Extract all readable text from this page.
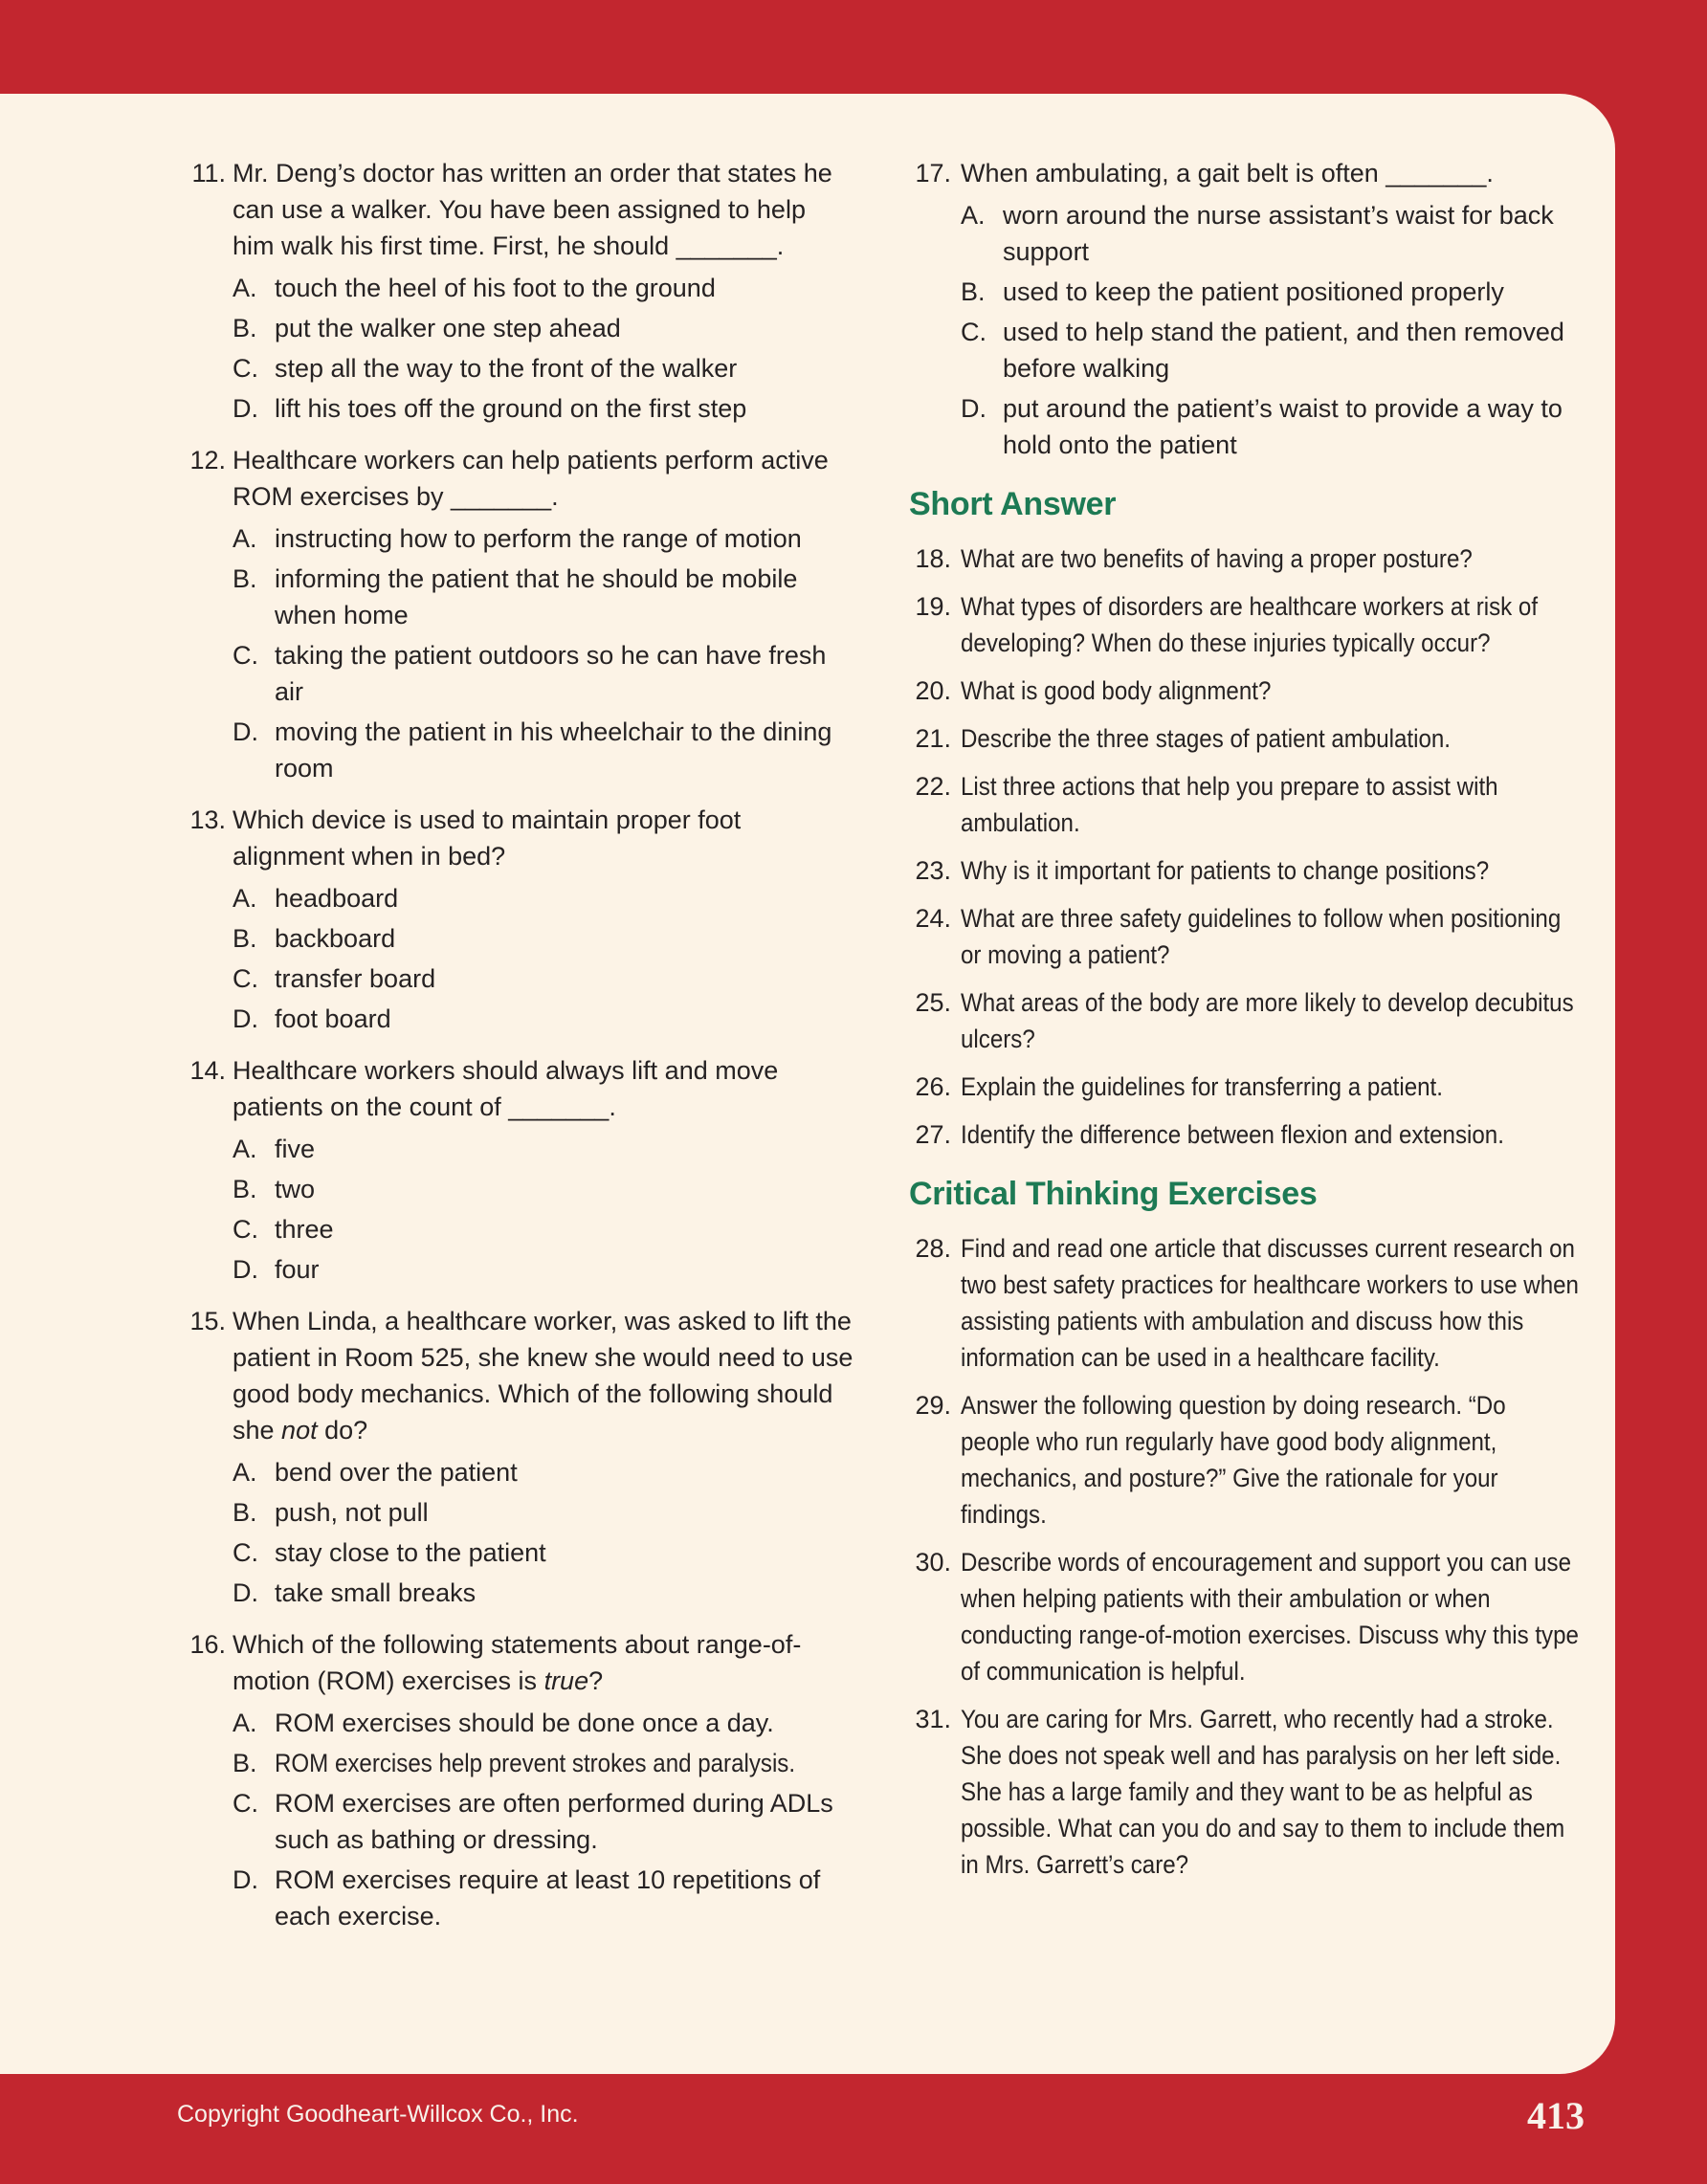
11. Mr. Deng’s doctor has written an order that states he can use a walker. You have been assigned to help him walk his first time. First, he should _______.
A. touch the heel of his foot to the ground
B. put the walker one step ahead
C. step all the way to the front of the walker
D. lift his toes off the ground on the first step
12. Healthcare workers can help patients perform active ROM exercises by _______.
A. instructing how to perform the range of motion
B. informing the patient that he should be mobile when home
C. taking the patient outdoors so he can have fresh air
D. moving the patient in his wheelchair to the dining room
13. Which device is used to maintain proper foot alignment when in bed?
A. headboard
B. backboard
C. transfer board
D. foot board
14. Healthcare workers should always lift and move patients on the count of _______.
A. five
B. two
C. three
D. four
15. When Linda, a healthcare worker, was asked to lift the patient in Room 525, she knew she would need to use good body mechanics. Which of the following should she not do?
A. bend over the patient
B. push, not pull
C. stay close to the patient
D. take small breaks
16. Which of the following statements about range-of-motion (ROM) exercises is true?
A. ROM exercises should be done once a day.
B. ROM exercises help prevent strokes and paralysis.
C. ROM exercises are often performed during ADLs such as bathing or dressing.
D. ROM exercises require at least 10 repetitions of each exercise.
17. When ambulating, a gait belt is often _______.
A. worn around the nurse assistant’s waist for back support
B. used to keep the patient positioned properly
C. used to help stand the patient, and then removed before walking
D. put around the patient’s waist to provide a way to hold onto the patient
Short Answer
18. What are two benefits of having a proper posture?
19. What types of disorders are healthcare workers at risk of developing? When do these injuries typically occur?
20. What is good body alignment?
21. Describe the three stages of patient ambulation.
22. List three actions that help you prepare to assist with ambulation.
23. Why is it important for patients to change positions?
24. What are three safety guidelines to follow when positioning or moving a patient?
25. What areas of the body are more likely to develop decubitus ulcers?
26. Explain the guidelines for transferring a patient.
27. Identify the difference between flexion and extension.
Critical Thinking Exercises
28. Find and read one article that discusses current research on two best safety practices for healthcare workers to use when assisting patients with ambulation and discuss how this information can be used in a healthcare facility.
29. Answer the following question by doing research. “Do people who run regularly have good body alignment, mechanics, and posture?” Give the rationale for your findings.
30. Describe words of encouragement and support you can use when helping patients with their ambulation or when conducting range-of-motion exercises. Discuss why this type of communication is helpful.
31. You are caring for Mrs. Garrett, who recently had a stroke. She does not speak well and has paralysis on her left side. She has a large family and they want to be as helpful as possible. What can you do and say to them to include them in Mrs. Garrett’s care?
Copyright Goodheart-Willcox Co., Inc.	413
